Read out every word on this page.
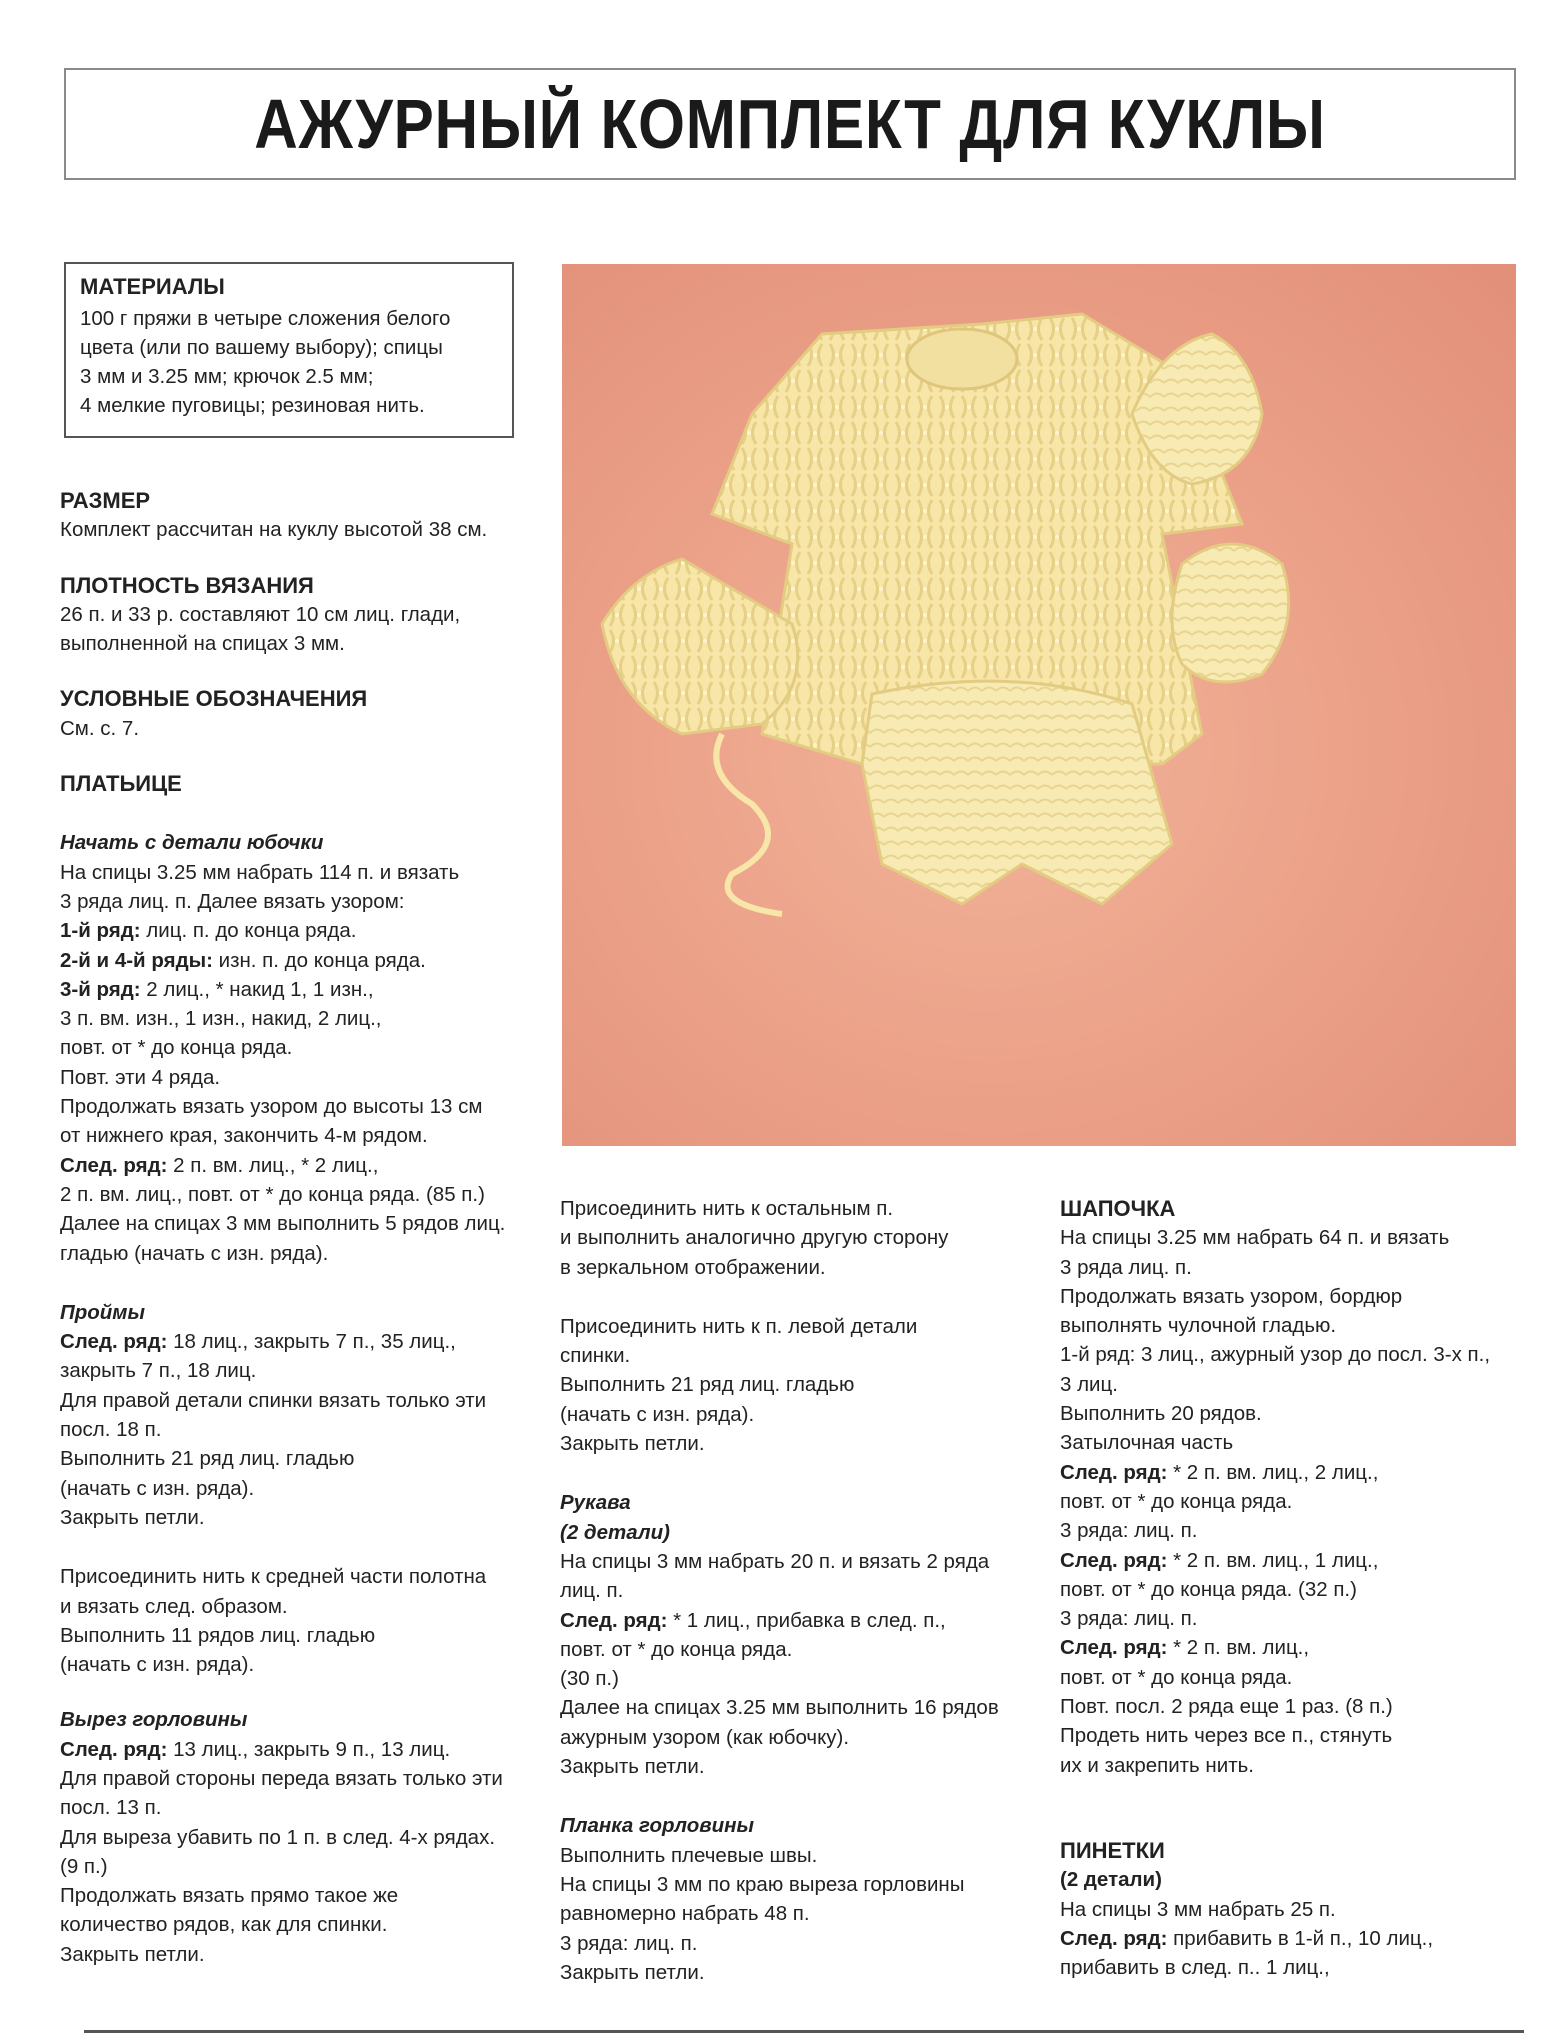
АЖУРНЫЙ КОМПЛЕКТ ДЛЯ КУКЛЫ
МАТЕРИАЛЫ
100 г пряжи в четыре сложения белого
цвета (или по вашему выбору); спицы
3 мм и 3.25 мм; крючок 2.5 мм;
4 мелкие пуговицы; резиновая нить.
РАЗМЕР
Комплект рассчитан на куклу высотой 38 см.
ПЛОТНОСТЬ ВЯЗАНИЯ
26 п. и 33 р. составляют 10 см лиц. глади,
выполненной на спицах 3 мм.
УСЛОВНЫЕ ОБОЗНАЧЕНИЯ
См. с. 7.
ПЛАТЬИЦЕ
Начать с детали юбочки
На спицы 3.25 мм набрать 114 п. и вязать
3 ряда лиц. п. Далее вязать узором:
1-й ряд: лиц. п. до конца ряда.
2-й и 4-й ряды: изн. п. до конца ряда.
3-й ряд: 2 лиц., * накид 1, 1 изн.,
3 п. вм. изн., 1 изн., накид, 2 лиц.,
повт. от * до конца ряда.
Повт. эти 4 ряда.
Продолжать вязать узором до высоты 13 см
от нижнего края, закончить 4-м рядом.
След. ряд: 2 п. вм. лиц., * 2 лиц.,
2 п. вм. лиц., повт. от * до конца ряда. (85 п.)
Далее на спицах 3 мм выполнить 5 рядов лиц.
гладью (начать с изн. ряда).
Проймы
След. ряд: 18 лиц., закрыть 7 п., 35 лиц.,
закрыть 7 п., 18 лиц.
Для правой детали спинки вязать только эти
посл. 18 п.
Выполнить 21 ряд лиц. гладью
(начать с изн. ряда).
Закрыть петли.
Присоединить нить к средней части полотна
и вязать след. образом.
Выполнить 11 рядов лиц. гладью
(начать с изн. ряда).
Вырез горловины
След. ряд: 13 лиц., закрыть 9 п., 13 лиц.
Для правой стороны переда вязать только эти
посл. 13 п.
Для выреза убавить по 1 п. в след. 4-х рядах.
(9 п.)
Продолжать вязать прямо такое же
количество рядов, как для спинки.
Закрыть петли.
Присоединить нить к остальным п.
и выполнить аналогично другую сторону
в зеркальном отображении.
Присоединить нить к п. левой детали
спинки.
Выполнить 21 ряд лиц. гладью
(начать с изн. ряда).
Закрыть петли.
Рукава
(2 детали)
На спицы 3 мм набрать 20 п. и вязать 2 ряда
лиц. п.
След. ряд: * 1 лиц., прибавка в след. п.,
повт. от * до конца ряда.
(30 п.)
Далее на спицах 3.25 мм выполнить 16 рядов
ажурным узором (как юбочку).
Закрыть петли.
Планка горловины
Выполнить плечевые швы.
На спицы 3 мм по краю выреза горловины
равномерно набрать 48 п.
3 ряда: лиц. п.
Закрыть петли.
ШАПОЧКА
На спицы 3.25 мм набрать 64 п. и вязать
3 ряда лиц. п.
Продолжать вязать узором, бордюр
выполнять чулочной гладью.
1-й ряд: 3 лиц., ажурный узор до посл. 3-х п.,
3 лиц.
Выполнить 20 рядов.
Затылочная часть
След. ряд: * 2 п. вм. лиц., 2 лиц.,
повт. от * до конца ряда.
3 ряда: лиц. п.
След. ряд: * 2 п. вм. лиц., 1 лиц.,
повт. от * до конца ряда. (32 п.)
3 ряда: лиц. п.
След. ряд: * 2 п. вм. лиц.,
повт. от * до конца ряда.
Повт. посл. 2 ряда еще 1 раз. (8 п.)
Продеть нить через все п., стянуть
их и закрепить нить.
ПИНЕТКИ
(2 детали)
На спицы 3 мм набрать 25 п.
След. ряд: прибавить в 1-й п., 10 лиц.,
прибавить в след. п.. 1 лиц.,
